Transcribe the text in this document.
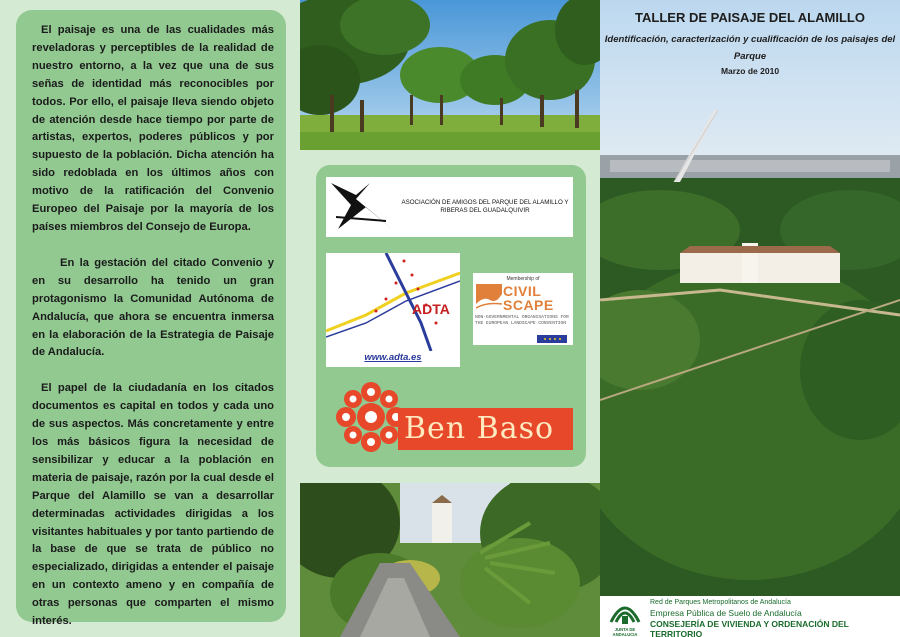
El paisaje es una de las cualidades más reveladoras y perceptibles de la realidad de nuestro entorno, a la vez que una de sus señas de identidad más reconocibles por todos. Por ello, el paisaje lleva siendo objeto de atención desde hace tiempo por parte de artistas, expertos, poderes públicos y por supuesto de la población. Dicha atención ha sido redoblada en los últimos años con motivo de la ratificación del Convenio Europeo del Paisaje por la mayoría de los países miembros del Consejo de Europa.

En la gestación del citado Convenio y en su desarrollo ha tenido un gran protagonismo la Comunidad Autónoma de Andalucía, que ahora se encuentra inmersa en la elaboración de la Estrategia de Paisaje de Andalucía.

El papel de la ciudadanía en los citados documentos es capital en todos y cada uno de sus aspectos. Más concretamente y entre los más básicos figura la necesidad de sensibilizar y educar a la población en materia de paisaje, razón por la cual desde el Parque del Alamillo se van a desarrollar determinadas actividades dirigidas a los visitantes habituales y por tanto partiendo de la base de que se trata de público no especializado, dirigidas a entender el paisaje en un contexto ameno y en compañía de otras personas que comparten el mismo interés.

ASOCIACIÓN DE AMIGOS DEL PARQUE DEL ALAMILLO Y RIBERAS DEL GUADALQUIVIR
ADTA
www.adta.es
Membership of
CIVIL
SCAPE
NON-GOVERNMENTAL ORGANISATIONS FOR THE EUROPEAN LANDSCAPE CONVENTION
Ben Baso
TALLER DE PAISAJE DEL ALAMILLO
Identificación, caracterización y cualificación de los paisajes del Parque
Marzo de 2010
JUNTA DE ANDALUCIA
Red de Parques Metropolitanos de Andalucía
Empresa Pública de Suelo de Andalucía
CONSEJERÍA DE VIVIENDA Y ORDENACIÓN DEL TERRITORIO
